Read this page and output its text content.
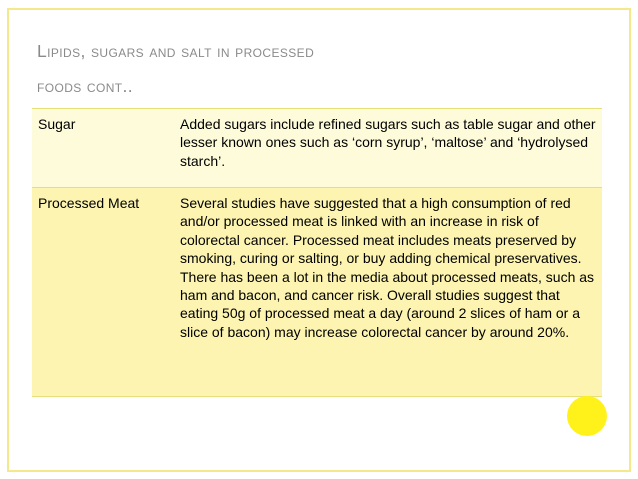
Lipids, sugars and salt in processed
foods cont..
Sugar	Added sugars include refined sugars such as table sugar and other lesser known ones such as ‘corn syrup’, ‘maltose’ and ‘hydrolysed starch’.
Processed Meat	Several studies have suggested that a high consumption of red and/or processed meat is linked with an increase in risk of colorectal cancer. Processed meat includes meats preserved by smoking, curing or salting, or buy adding chemical preservatives.
There has been a lot in the media about processed meats, such as ham and bacon, and cancer risk. Overall studies suggest that eating 50g of processed meat a day (around 2 slices of ham or a slice of bacon) may increase colorectal cancer by around 20%.
